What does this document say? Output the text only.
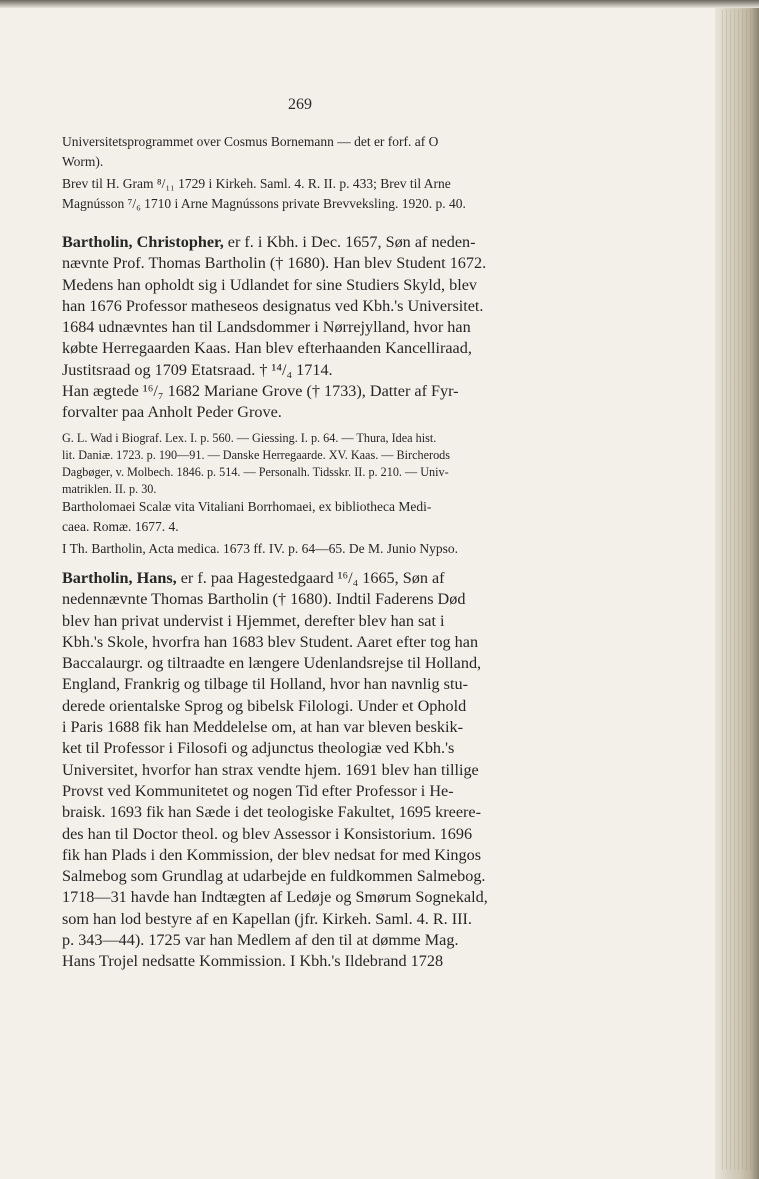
269
Universitetsprogrammet over Cosmus Bornemann — det er forf. af O
Worm).
Brev til H. Gram ⁸/₁₁ 1729 i Kirkeh. Saml. 4. R. II. p. 433; Brev til Arne
Magnússon ⁷/₆ 1710 i Arne Magnússons private Brevveksling. 1920. p. 40.
Bartholin, Christopher, er f. i Kbh. i Dec. 1657, Søn af neden-
nævnte Prof. Thomas Bartholin († 1680). Han blev Student 1672.
Medens han opholdt sig i Udlandet for sine Studiers Skyld, blev
han 1676 Professor matheseos designatus ved Kbh.'s Universitet.
1684 udnævntes han til Landsdommer i Nørrejylland, hvor han
købte Herregaarden Kaas. Han blev efterhaanden Kancelliraad,
Justitsraad og 1709 Etatsraad. † ¹⁴/₄ 1714.
Han ægtede ¹⁶/₇ 1682 Mariane Grove († 1733), Datter af Fyr-
forvalter paa Anholt Peder Grove.
G. L. Wad i Biograf. Lex. I. p. 560. — Giessing. I. p. 64. — Thura, Idea hist.
lit. Daniæ. 1723. p. 190—91. — Danske Herregaarde. XV. Kaas. — Bircherods
Dagbøger, v. Molbech. 1846. p. 514. — Personalh. Tidsskr. II. p. 210. — Univ-
matriklen. II. p. 30.
Bartholomaei Scalæ vita Vitaliani Borrhomaei, ex bibliotheca Medi-
caea. Romæ. 1677. 4.
I Th. Bartholin, Acta medica. 1673 ff. IV. p. 64—65. De M. Junio Nypso.
Bartholin, Hans, er f. paa Hagestedgaard ¹⁶/₄ 1665, Søn af
nedennævnte Thomas Bartholin († 1680). Indtil Faderens Død
blev han privat undervist i Hjemmet, derefter blev han sat i
Kbh.'s Skole, hvorfra han 1683 blev Student. Aaret efter tog han
Baccalaurgr. og tiltraadte en længere Udenlandsrejse til Holland,
England, Frankrig og tilbage til Holland, hvor han navnlig stu-
derede orientalske Sprog og bibelsk Filologi. Under et Ophold
i Paris 1688 fik han Meddelelse om, at han var bleven beskik-
ket til Professor i Filosofi og adjunctus theologiæ ved Kbh.'s
Universitet, hvorfor han strax vendte hjem. 1691 blev han tillige
Provst ved Kommunitetet og nogen Tid efter Professor i He-
braisk. 1693 fik han Sæde i det teologiske Fakultet, 1695 kreere-
des han til Doctor theol. og blev Assessor i Konsistorium. 1696
fik han Plads i den Kommission, der blev nedsat for med Kingos
Salmebog som Grundlag at udarbejde en fuldkommen Salmebog.
1718—31 havde han Indtægten af Ledøje og Smørum Sognekald,
som han lod bestyre af en Kapellan (jfr. Kirkeh. Saml. 4. R. III.
p. 343—44). 1725 var han Medlem af den til at dømme Mag.
Hans Trojel nedsatte Kommission. I Kbh.'s Ildebrand 1728
